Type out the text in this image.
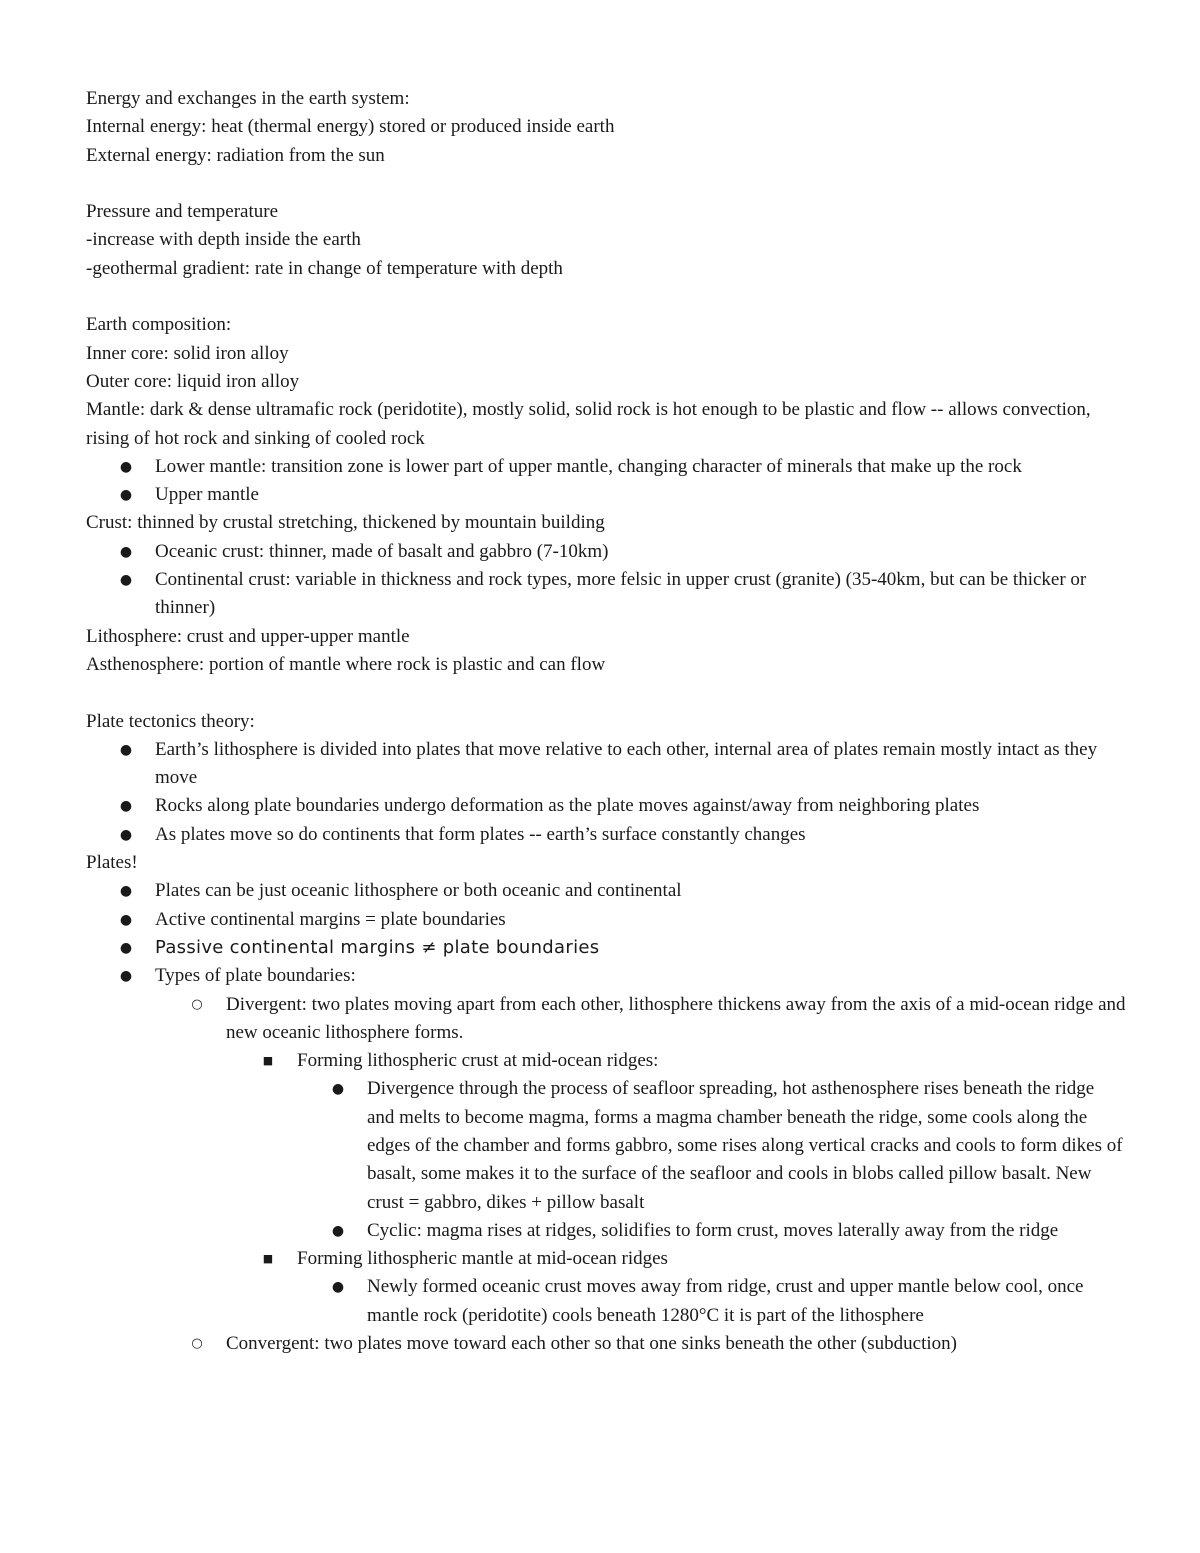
Energy and exchanges in the earth system:
Internal energy: heat (thermal energy) stored or produced inside earth
External energy: radiation from the sun
Pressure and temperature
-increase with depth inside the earth
-geothermal gradient: rate in change of temperature with depth
Earth composition:
Inner core: solid iron alloy
Outer core: liquid iron alloy
Mantle: dark & dense ultramafic rock (peridotite), mostly solid, solid rock is hot enough to be plastic and flow -- allows convection, rising of hot rock and sinking of cooled rock
● Lower mantle: transition zone is lower part of upper mantle, changing character of minerals that make up the rock
● Upper mantle
Crust: thinned by crustal stretching, thickened by mountain building
● Oceanic crust: thinner, made of basalt and gabbro (7-10km)
● Continental crust: variable in thickness and rock types, more felsic in upper crust (granite) (35-40km, but can be thicker or thinner)
Lithosphere: crust and upper-upper mantle
Asthenosphere: portion of mantle where rock is plastic and can flow
Plate tectonics theory:
● Earth’s lithosphere is divided into plates that move relative to each other, internal area of plates remain mostly intact as they move
● Rocks along plate boundaries undergo deformation as the plate moves against/away from neighboring plates
● As plates move so do continents that form plates -- earth’s surface constantly changes
Plates!
● Plates can be just oceanic lithosphere or both oceanic and continental
● Active continental margins = plate boundaries
● Passive continental margins ≠ plate boundaries
● Types of plate boundaries:
○ Divergent: two plates moving apart from each other, lithosphere thickens away from the axis of a mid-ocean ridge and new oceanic lithosphere forms.
■ Forming lithospheric crust at mid-ocean ridges:
● Divergence through the process of seafloor spreading, hot asthenosphere rises beneath the ridge and melts to become magma, forms a magma chamber beneath the ridge, some cools along the edges of the chamber and forms gabbro, some rises along vertical cracks and cools to form dikes of basalt, some makes it to the surface of the seafloor and cools in blobs called pillow basalt. New crust = gabbro, dikes + pillow basalt
● Cyclic: magma rises at ridges, solidifies to form crust, moves laterally away from the ridge
■ Forming lithospheric mantle at mid-ocean ridges
● Newly formed oceanic crust moves away from ridge, crust and upper mantle below cool, once mantle rock (peridotite) cools beneath 1280°C it is part of the lithosphere
○ Convergent: two plates move toward each other so that one sinks beneath the other (subduction)
